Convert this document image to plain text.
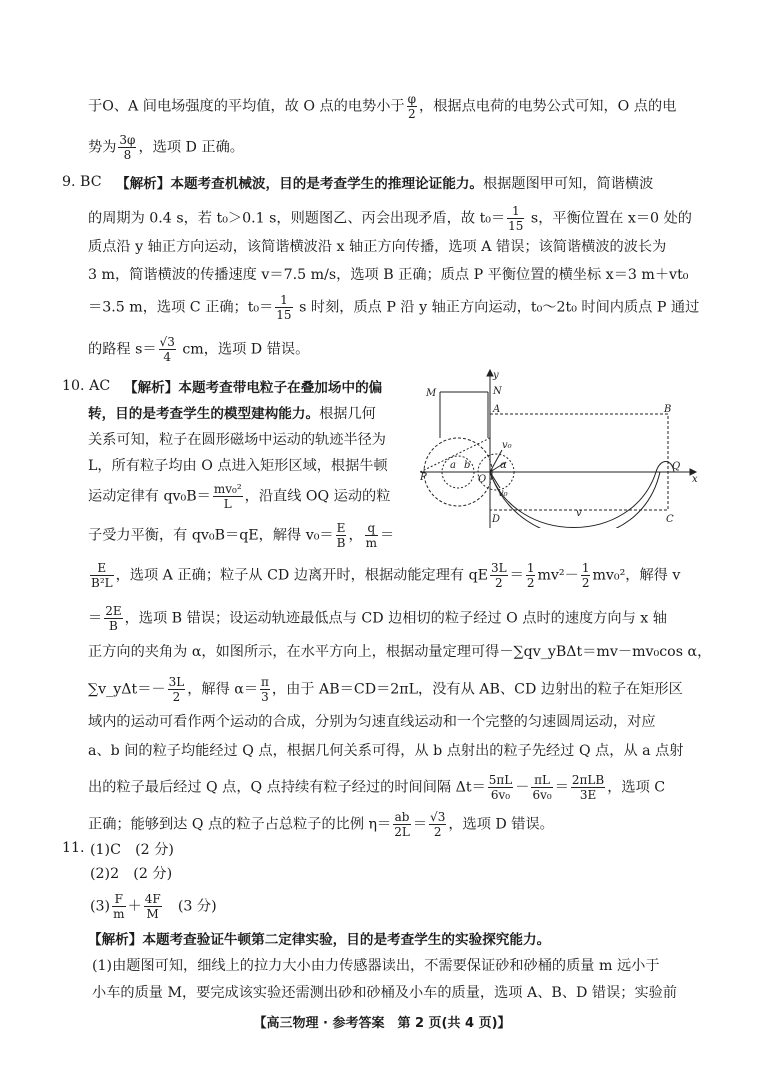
于O、A 间电场强度的平均值，故 O 点的电势小于 $\frac{\varphi}{2}$ ，根据点电荷的电势公式可知，O 点的电
势为 $\frac{3\varphi}{8}$ ，选项 D 正确。
9. BC 【解析】本题考查机械波，目的是考查学生的推理论证能力。根据题图甲可知，简谐横波
的周期为 0.4 s，若 t₀＞0.1 s，则题图乙、丙会出现矛盾，故 $t_0= \frac{1}{15}$ s，平衡位置在 x＝0 处的
质点沿 y 轴正方向运动，该简谐横波沿 x 轴正方向传播，选项 A 错误；该简谐横波的波长为
3 m，简谐横波的传播速度 v＝7.5 m/s，选项 B 正确；质点 P 平衡位置的横坐标 x＝3 m＋vt₀
＝3.5 m，选项 C 正确；$t_0= \frac{1}{15}$ s 时刻，质点 P 沿 y 轴正方向运动，t₀～2t₀ 时间内质点 P 通过
的路程 $s= \frac{√3}{4}$ cm，选项 D 错误。
10. AC 【解析】本题考查带电粒子在叠加场中的偏
转，目的是考查学生的模型建构能力。根据几何
关系可知，粒子在圆形磁场中运动的轨迹半径为
L，所有粒子均由 O 点进入矩形区域，根据牛顿
运动定律有 $qv_0B= \frac{\text{mv₀²}}{L}$ ，沿直线 OQ 运动的粒
子受力平衡，有 qv₀B＝qE，解得 $v_0= \frac{E}{B}$ ， $\frac{q}{m}$ ＝
$\frac{E}{\text{B²L}}$ ，选项 A 正确；粒子从 CD 边离开时，根据动能定理有 qE $\frac{3L}{2} = \frac{1}{2} mv^2- \frac{1}{2} mv_0^2$，解得 v
＝ $\frac{2E}{B}$ ，选项 B 错误；设运动轨迹最低点与 CD 边相切的粒子经过 O 点时的速度方向与 x 轴
正方向的夹角为 α，如图所示，在水平方向上，根据动量定理可得－∑qv_yBΔt＝mv－mv₀cos α，
∑v_yΔt＝－ $\frac{3L}{2}$ ，解得 $\alpha= \frac{\pi}{3}$ ，由于 AB＝CD＝2πL，没有从 AB、CD 边射出的粒子在矩形区
域内的运动可看作两个运动的合成，分别为匀速直线运动和一个完整的匀速圆周运动，对应
a、b 间的粒子均能经过 Q 点，根据几何关系可得，从 b 点射出的粒子先经过 Q 点，从 a 点射
出的粒子最后经过 Q 点，Q 点持续有粒子经过的时间间隔 $\Delta t= \frac{5\pi L}{\text{6v₀}} - \frac{\pi L}{\text{6v₀}} = \frac{\text{2πLB}}{3E}$ ，选项 C
正确；能够到达 Q 点的粒子占总粒子的比例 $\eta= \frac{ab}{2L} = \frac{√3}{2}$ ，选项 D 错误。
11. (1)C　(2 分)
(2)2　(2 分)
$(3) \frac{F}{m} + \frac{4F}{M}$ 　(3 分)
【解析】本题考查验证牛顿第二定律实验，目的是考查学生的实验探究能力。
(1)由题图可知，细线上的拉力大小由力传感器读出，不需要保证砂和砂桶的质量 m 远小于
小车的质量 M，要完成该实验还需测出砂和砂桶及小车的质量，选项 A、B、D 错误；实验前
y
N
M
A	B
Q
P	O	x
D	C
v
v₀
v₀
a b	α
【高三物理 · 参考答案　第 2 页(共 4 页)】
